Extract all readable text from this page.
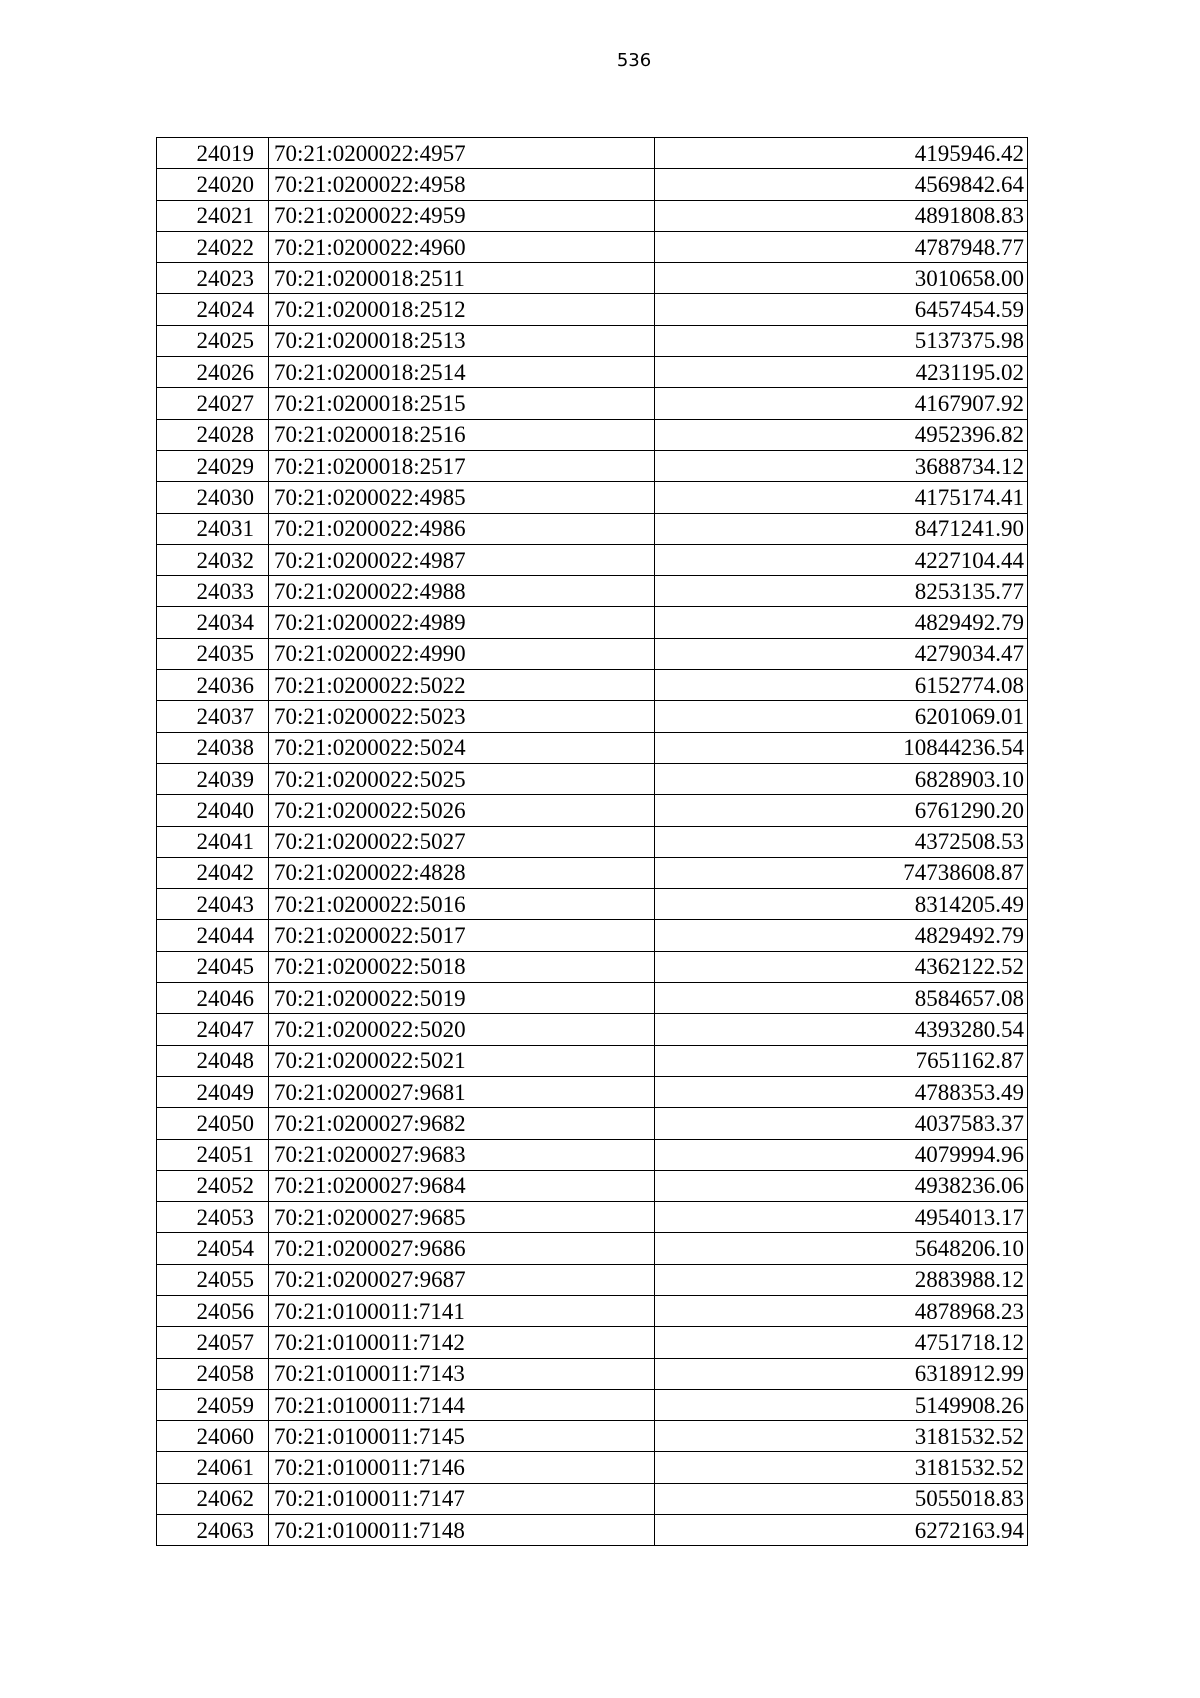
536
24019	70:21:0200022:4957	4195946.42
24020	70:21:0200022:4958	4569842.64
24021	70:21:0200022:4959	4891808.83
24022	70:21:0200022:4960	4787948.77
24023	70:21:0200018:2511	3010658.00
24024	70:21:0200018:2512	6457454.59
24025	70:21:0200018:2513	5137375.98
24026	70:21:0200018:2514	4231195.02
24027	70:21:0200018:2515	4167907.92
24028	70:21:0200018:2516	4952396.82
24029	70:21:0200018:2517	3688734.12
24030	70:21:0200022:4985	4175174.41
24031	70:21:0200022:4986	8471241.90
24032	70:21:0200022:4987	4227104.44
24033	70:21:0200022:4988	8253135.77
24034	70:21:0200022:4989	4829492.79
24035	70:21:0200022:4990	4279034.47
24036	70:21:0200022:5022	6152774.08
24037	70:21:0200022:5023	6201069.01
24038	70:21:0200022:5024	10844236.54
24039	70:21:0200022:5025	6828903.10
24040	70:21:0200022:5026	6761290.20
24041	70:21:0200022:5027	4372508.53
24042	70:21:0200022:4828	74738608.87
24043	70:21:0200022:5016	8314205.49
24044	70:21:0200022:5017	4829492.79
24045	70:21:0200022:5018	4362122.52
24046	70:21:0200022:5019	8584657.08
24047	70:21:0200022:5020	4393280.54
24048	70:21:0200022:5021	7651162.87
24049	70:21:0200027:9681	4788353.49
24050	70:21:0200027:9682	4037583.37
24051	70:21:0200027:9683	4079994.96
24052	70:21:0200027:9684	4938236.06
24053	70:21:0200027:9685	4954013.17
24054	70:21:0200027:9686	5648206.10
24055	70:21:0200027:9687	2883988.12
24056	70:21:0100011:7141	4878968.23
24057	70:21:0100011:7142	4751718.12
24058	70:21:0100011:7143	6318912.99
24059	70:21:0100011:7144	5149908.26
24060	70:21:0100011:7145	3181532.52
24061	70:21:0100011:7146	3181532.52
24062	70:21:0100011:7147	5055018.83
24063	70:21:0100011:7148	6272163.94
